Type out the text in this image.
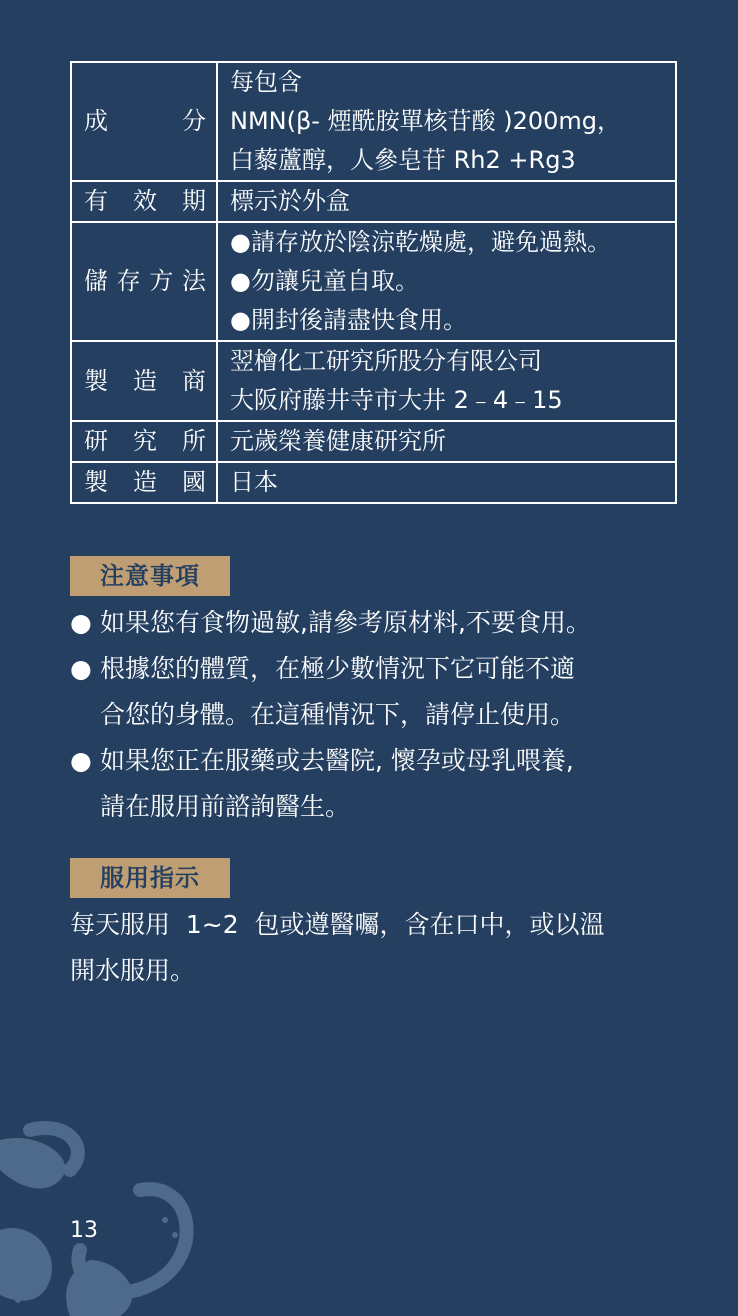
成 分	每包含
NMN(β- 煙酰胺單核苷酸 )200mg，
白藜蘆醇，人參皂苷 Rh2 +Rg3

有 效 期	標示於外盒

儲 存 方 法	●請存放於陰涼乾燥處，避免過熱。
●勿讓兒童自取。
●開封後請盡快食用。

製 造 商	翌檜化工研究所股分有限公司
大阪府藤井寺市大井 2﹣4﹣15

研 究 所	元歲榮養健康研究所

製 造 國	日本
注意事項
● 如果您有食物過敏,請參考原材料,不要食用。
● 根據您的體質，在極少數情況下它可能不適
合您的身體。在這種情況下，請停止使用。
● 如果您正在服藥或去醫院, 懷孕或母乳喂養,
請在服用前諮詢醫生。
服用指示
每天服用  1~2  包或遵醫囑，含在口中，或以溫
開水服用。
13
